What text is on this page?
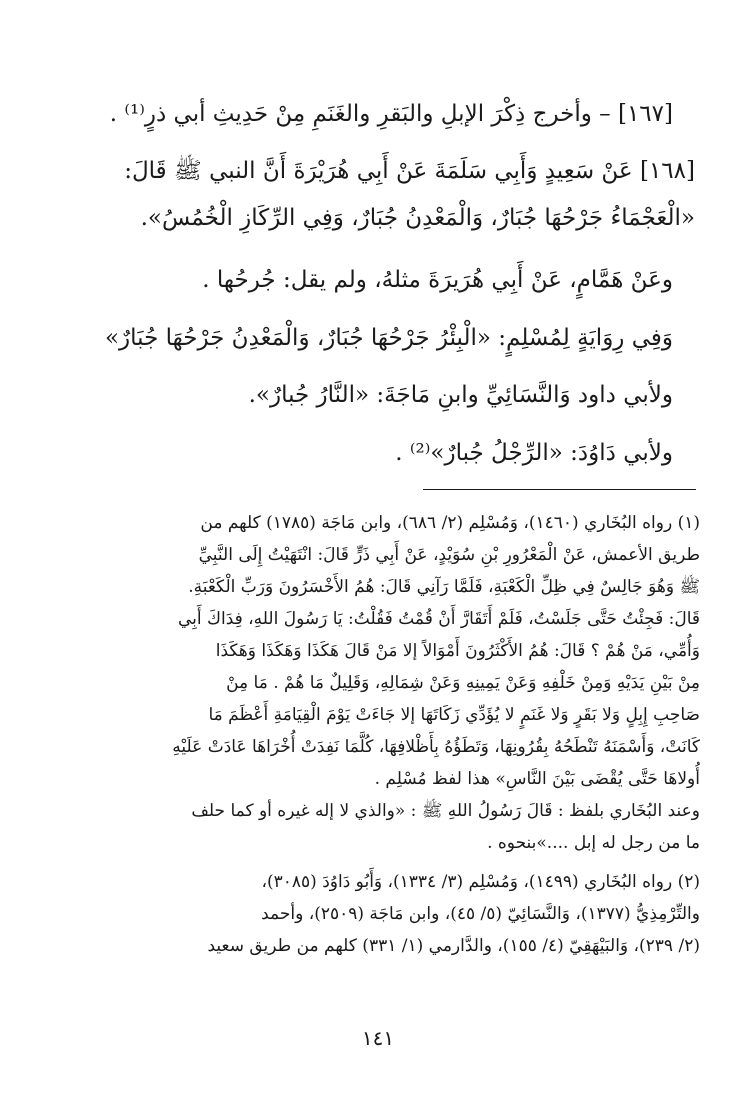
[١٦٧] – وأخرج ذِكْرَ الإبلِ والبَقرِ والغَنَمِ مِنْ حَدِيثِ أبي ذرٍ⁽¹⁾ .
[١٦٨] عَنْ سَعِيدٍ وَأَبِي سَلَمَةَ عَنْ أَبِي هُرَيْرَةَ أَنَّ النبي ﷺ قَالَ:
«الْعَجْمَاءُ جَرْحُهَا جُبَارٌ، وَالْمَعْدِنُ جُبَارٌ، وَفِي الرِّكَازِ الْخُمُسُ».
وعَنْ هَمَّامٍ، عَنْ أَبِي هُرَيرَةَ مثلهُ، ولم يقل: جُرحُها .
وَفِي رِوَايَةٍ لِمُسْلِمٍ: «الْبِئْرُ جَرْحُهَا جُبَارٌ، وَالْمَعْدِنُ جَرْحُهَا جُبَارٌ»
ولأبي داود وَالنَّسَائِيِّ وابنِ مَاجَةَ: «النَّارُ جُبارٌ».
ولأبي دَاوُدَ: «الرِّجْلُ جُبارٌ»⁽²⁾ .
(١) رواه البُخَاري (١٤٦٠)، وَمُسْلِم (٢/ ٦٨٦)، وابن مَاجَة (١٧٨٥) كلهم من
طريق الأعمش، عَنْ الْمَعْرُورِ بْنِ سُوَيْدٍ، عَنْ أَبِي ذَرٍّ قَالَ: انْتَهَيْتُ إِلَى النَّبِيِّ
ﷺ وَهُوَ جَالِسٌ فِي ظِلِّ الْكَعْبَةِ، فَلَمَّا رَآنِي قَالَ: هُمُ الأَخْسَرُونَ وَرَبِّ الْكَعْبَةِ.
قَالَ: فَجِئْتُ حَتَّى جَلَسْتُ، فَلَمْ أَتَقَارَّ أَنْ قُمْتُ فَقُلْتُ: يَا رَسُولَ اللهِ، فِدَاكَ أَبِي
وَأُمِّي، مَنْ هُمْ ؟ قَالَ: هُمُ الأَكْثَرُونَ أَمْوَالاً إلا مَنْ قَالَ هَكَذَا وَهَكَذَا وَهَكَذَا
مِنْ بَيْنِ يَدَيْهِ وَمِنْ خَلْفِهِ وَعَنْ يَمِينِهِ وَعَنْ شِمَالِهِ، وَقَلِيلٌ مَا هُمْ . مَا مِنْ
صَاحِبِ إِبِلٍ وَلا بَقَرٍ وَلا غَنَمٍ لا يُؤَدِّي زَكَاتَهَا إلا جَاءَتْ يَوْمَ الْقِيَامَةِ أَعْظَمَ مَا
كَانَتْ، وَأَسْمَنَهُ تَنْطَحُهُ بِقُرُونِهَا، وَتَطَؤُهُ بِأَظْلافِهَا، كُلَّمَا نَفِدَتْ أُخْرَاهَا عَادَتْ عَلَيْهِ
أُولاهَا حَتَّى يُقْضَى بَيْنَ النَّاسِ» هذا لفظ مُسْلِم .
وعند البُخَاري بلفظ : قَالَ رَسُولُ اللهِ ﷺ : «والذي لا إله غيره أو كما حلف
ما من رجل له إبل ....»بنحوه .
(٢) رواه البُخَاري (١٤٩٩)، وَمُسْلِم (٣/ ١٣٣٤)، وَأَبُو دَاوُدَ (٣٠٨٥)،
والتِّرْمِذِيُّ (١٣٧٧)، وَالنَّسَائِيّ (٥/ ٤٥)، وابن مَاجَة (٢٥٠٩)، وأحمد
(٢/ ٢٣٩)، وَالبَيْهَقِيّ (٤/ ١٥٥)، والدَّارمي (١/ ٣٣١) كلهم من طريق سعيد
١٤١
